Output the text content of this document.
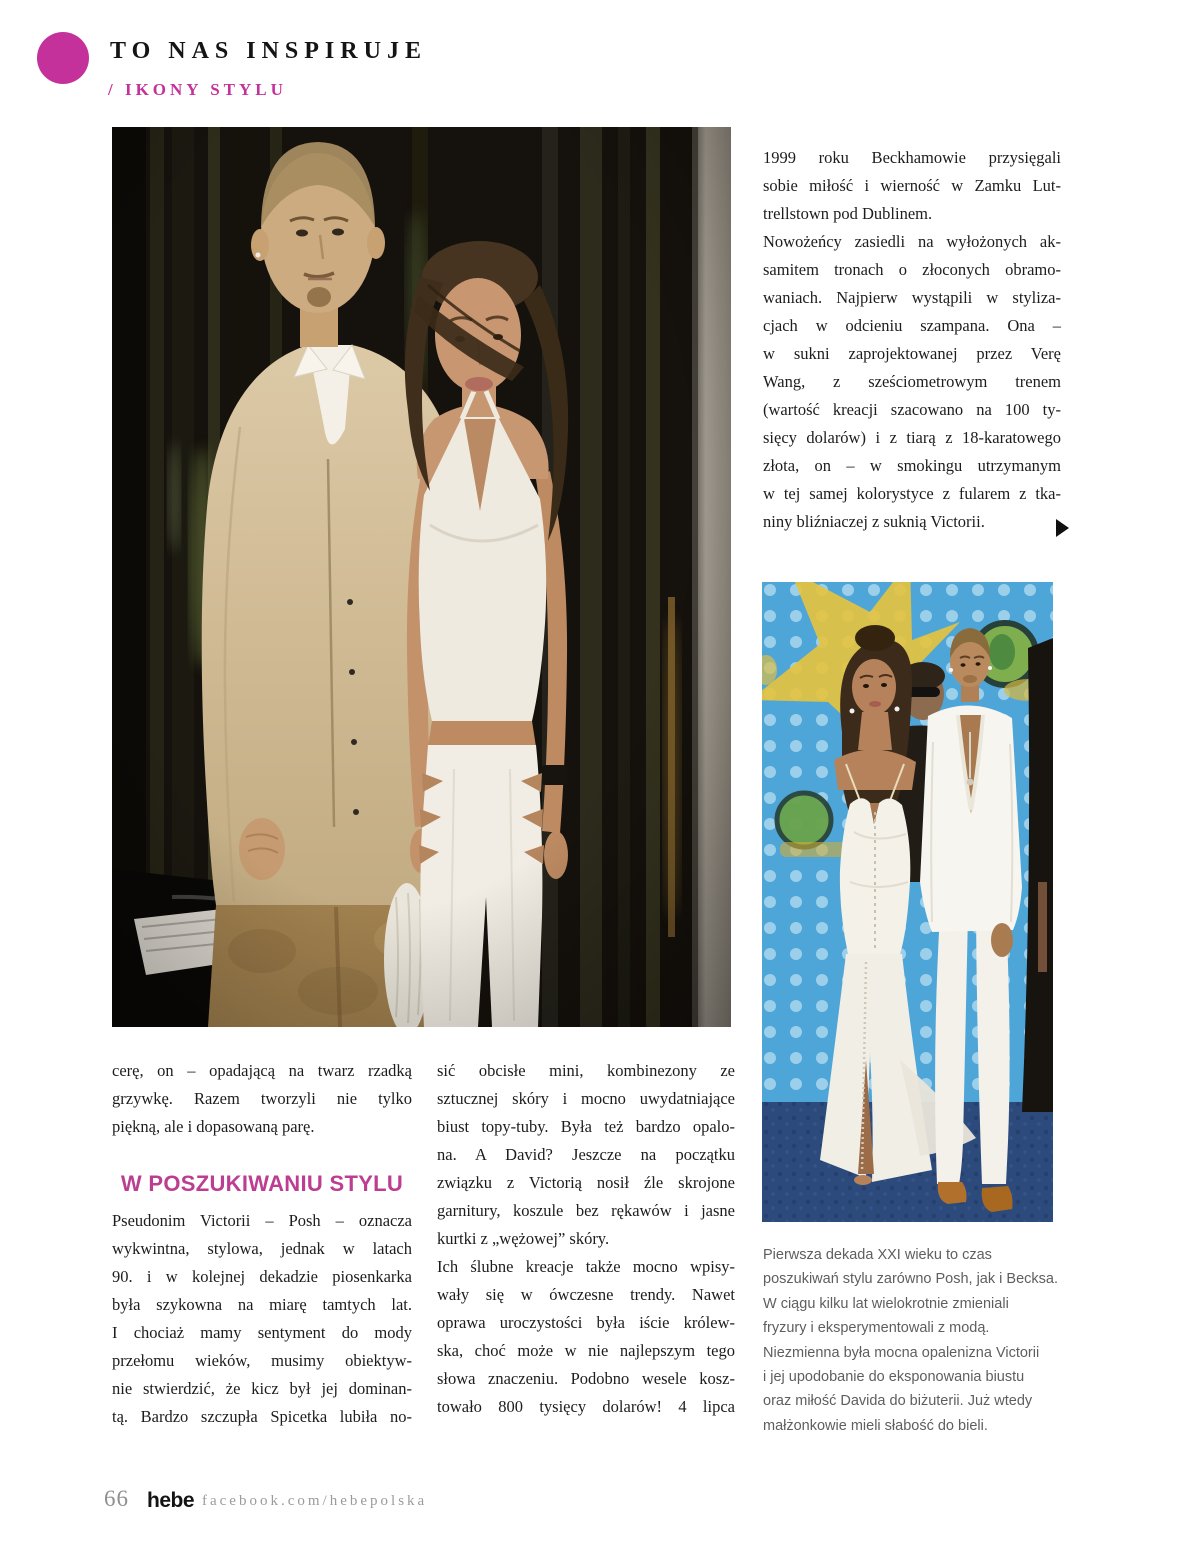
TO NAS INSPIRUJE
/ IKONY STYLU
1999 roku Beckhamowie przysięgali
sobie miłość i wierność w Zamku Lut-
trellstown pod Dublinem.
Nowożeńcy zasiedli na wyłożonych ak-
samitem tronach o złoconych obramo-
waniach. Najpierw wystąpili w styliza-
cjach w odcieniu szampana. Ona –
w sukni zaprojektowanej przez Verę
Wang, z sześciometrowym trenem
(wartość kreacji szacowano na 100 ty-
sięcy dolarów) i z tiarą z 18-karatowego
złota, on – w smokingu utrzymanym
w tej samej kolorystyce z fularem z tka-
niny bliźniaczej z suknią Victorii.
Pierwsza dekada XXI wieku to czas
poszukiwań stylu zarówno Posh, jak i Becksa.
W ciągu kilku lat wielokrotnie zmieniali
fryzury i eksperymentowali z modą.
Niezmienna była mocna opalenizna Victorii
i jej upodobanie do eksponowania biustu
oraz miłość Davida do biżuterii. Już wtedy
małżonkowie mieli słabość do bieli.
cerę, on – opadającą na twarz rzadką
grzywkę. Razem tworzyli nie tylko
piękną, ale i dopasowaną parę.
W POSZUKIWANIU STYLU
Pseudonim Victorii – Posh – oznacza
wykwintna, stylowa, jednak w latach
90. i w kolejnej dekadzie piosenkarka
była szykowna na miarę tamtych lat.
I chociaż mamy sentyment do mody
przełomu wieków, musimy obiektyw-
nie stwierdzić, że kicz był jej dominan-
tą. Bardzo szczupła Spicetka lubiła no-
sić obcisłe mini, kombinezony ze
sztucznej skóry i mocno uwydatniające
biust topy-tuby. Była też bardzo opalo-
na. A David? Jeszcze na początku
związku z Victorią nosił źle skrojone
garnitury, koszule bez rękawów i jasne
kurtki z „wężowej” skóry.
Ich ślubne kreacje także mocno wpisy-
wały się w ówczesne trendy. Nawet
oprawa uroczystości była iście królew-
ska, choć może w nie najlepszym tego
słowa znaczeniu. Podobno wesele kosz-
towało 800 tysięcy dolarów! 4 lipca
66 hebe facebook.com/hebepolska
